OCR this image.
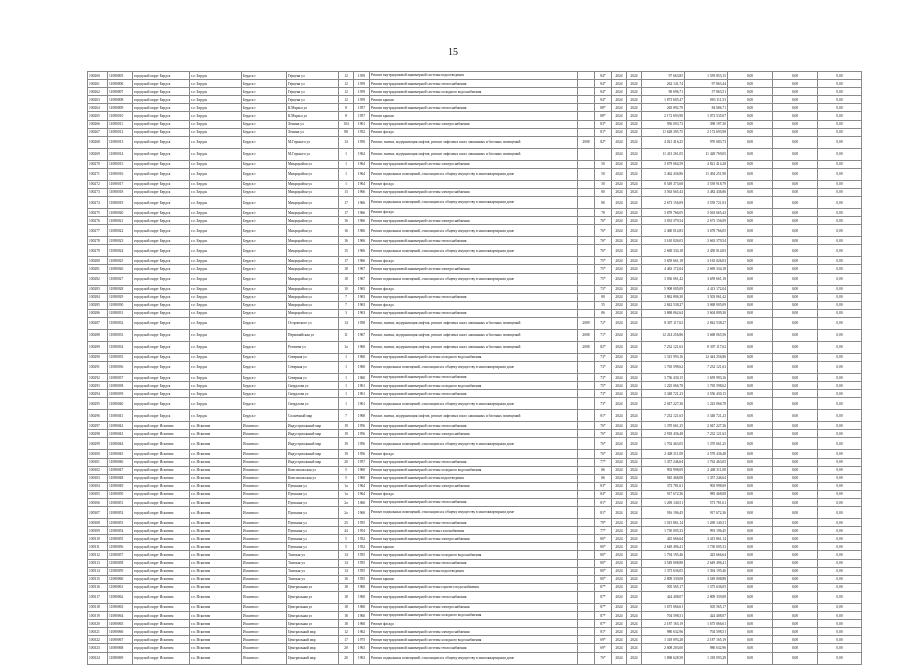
15
100260	11080005	городской округ Бердск	г.о. Бердск	Бердск г	Герцена ул	12	1959	Ремонт внутридомовой инженерной системы водоотведения		84*	2024	2024	97 663,85	1 559 853,15	0,00	0,00	0,00
100261	11080006	городской округ Бердск	г.о. Бердск	Бердск г	Герцена ул	12	1959	Ремонт внутридомовой инженерной системы теплоснабжения		84*	2024	2024	262 141,74	97 863,44	0,00	0,00	0,00
100262	11080007	городской округ Бердск	г.о. Бердск	Бердск г	Герцена ул	12	1959	Ремонт внутридомовой инженерной системы холодного водоснабжения		84*	2024	2024	90 696,71	57 863,51	0,00	0,00	0,00
100263	11080008	городской округ Бердск	г.о. Бердск	Бердск г	Герцена ул	12	1959	Ремонт крыши		84*	2024	2024	1 873 605,47	883 111,53	0,00	0,00	0,00
100264	11080009	городской округ Бердск	г.о. Бердск	Бердск г	К.Маркса ул	8	1957	Ремонт внутридомовой инженерной системы теплоснабжения		88*	2024	2024	265 892,79	84 686,71	0,00	0,00	0,00
100265	11080010	городской округ Бердск	г.о. Бердск	Бердск г	К.Маркса ул	8	1957	Ремонт крыши		88*	2024	2024	2 172 693,98	1 072 535,07	0,00	0,00	0,00
100266	11080011	городской округ Бердск	г.о. Бердск	Бердск г	Ленина ул	104	1961	Ремонт внутридомовой инженерной системы электроснабжения		83*	2024	2024	956 003,73	398 197,30	0,00	0,00	0,00
100267	11080012	городской округ Бердск	г.о. Бердск	Бердск г	Ленина ул	88	1952	Ремонт фасада		81*	2024	2024	11 628 305,75	2 172 693,98	0,00	0,00	0,00
100268	11080013	городской округ Бердск	г.о. Бердск	Бердск г	М.Горького ул	14	1950	Ремонт, замена, модернизация лифтов, ремонт лифтовых шахт, машинных и блочных помещений	2008	82*	2024	2024	4 021 416,25	970 683,73	0,00	0,00	0,00
100269	11080014	городской округ Бердск	г.о. Бердск	Бердск г	М.Горького ул	1	1962	Ремонт, замена, модернизация лифтов, ремонт лифтовых шахт, машинных и блочных помещений			2024	2024	11 413 261,05	11 428 769,05	0,00	0,00	0,00
100270	11080015	городской округ Бердск	г.о. Бердск	Бердск г	Микрорайон ул	1	1964	Ремонт внутридомовой инженерной системы электроснабжения		50	2024	2024	3 679 064,59	4 821 414,28	0,00	0,00	0,00
100271	11080016	городской округ Бердск	г.о. Бердск	Бердск г	Микрорайон ул	1	1964	Ремонт подвальных помещений, относящихся к общему имуществу в многоквартирном доме		50	2024	2024	3 462 436,86	11 494 251,98	0,00	0,00	0,00
100272	11080017	городской округ Бердск	г.о. Бердск	Бердск г	Микрорайон ул	1	1964	Ремонт фасада		50	2024	2024	8 549 373,68	3 539 918,79	0,00	0,00	0,00
100273	11080018	городской округ Бердск	г.о. Бердск	Бердск г	Микрорайон ул	13	1966	Ремонт внутридомовой инженерной системы электроснабжения		80	2024	2024	3 563 665,43	3 482 436,86	0,00	0,00	0,00
100274	11080019	городской округ Бердск	г.о. Бердск	Бердск г	Микрорайон ул	17	1966	Ремонт подвальных помещений, относящихся к общему имуществу в многоквартирном доме		80	2024	2024	2 673 156,09	3 539 721,03	0,00	0,00	0,00
100275	11080020	городской округ Бердск	г.о. Бердск	Бердск г	Микрорайон ул	17	1966	Ремонт фасада		78	2024	2024	3 878 766,05	3 563 665,43	0,00	0,00	0,00
100276	11080021	городской округ Бердск	г.о. Бердск	Бердск г	Микрорайон ул	16	1966	Ремонт внутридомовой инженерной системы электроснабжения		76*	2024	2024	3 033 379,54	2 673 156,09	0,00	0,00	0,00
100277	11080022	городской округ Бердск	г.о. Бердск	Бердск г	Микрорайон ул	16	1966	Ремонт подвальных помещений, относящихся к общему имуществу в многоквартирном доме		76*	2024	2024	2 460 014,83	3 678 766,05	0,00	0,00	0,00
100278	11080023	городской округ Бердск	г.о. Бердск	Бердск г	Микрорайон ул	16	1966	Ремонт внутридомовой инженерной системы теплоснабжения		76*	2024	2024	3 165 026,03	3 663 379,54	0,00	0,00	0,00
100279	11080024	городской округ Бердск	г.о. Бердск	Бердск г	Микрорайон ул	15	1966	Ремонт подвальных помещений, относящихся к общему имуществу в многоквартирном доме		76*	2024	2024	2 669 334,18	2 450 014,83	0,00	0,00	0,00
100280	11080025	городской округ Бердск	г.о. Бердск	Бердск г	Микрорайон ул	17	1966	Ремонт фасада		75*	2024	2024	3 659 661,18	3 165 026,03	0,00	0,00	0,00
100281	11080026	городской округ Бердск	г.о. Бердск	Бердск г	Микрорайон ул	18	1967	Ремонт внутридомовой инженерной системы электроснабжения		75*	2024	2024	4 463 172,04	2 669 334,18	0,00	0,00	0,00
100282	11080027	городской округ Бердск	г.о. Бердск	Бердск г	Микрорайон ул	18	1967	Ремонт подвальных помещений, относящихся к общему имуществу в многоквартирном доме		75*	2024	2024	3 036 061,42	3 659 661,18	0,00	0,00	0,00
100283	11080028	городской округ Бердск	г.о. Бердск	Бердск г	Микрорайон ул	10	1965	Ремонт фасада		73*	2024	2024	5 908 005,09	4 413 172,04	0,00	0,00	0,00
100284	11080029	городской округ Бердск	г.о. Бердск	Бердск г	Микрорайон ул	7	1963	Ремонт внутридомовой инженерной системы теплоснабжения		80	2024	2024	3 862 806,30	3 503 061,42	0,00	0,00	0,00
100285	11080030	городской округ Бердск	г.о. Бердск	Бердск г	Микрорайон ул	7	1963	Ремонт фасада		55	2024	2024	2 842 538,27	3 068 005,09	0,00	0,00	0,00
100286	11080031	городской округ Бердск	г.о. Бердск	Бердск г	Микрорайон ул	3	1963	Ремонт внутридомовой инженерной системы теплоснабжения		86	2024	2024	3 868 062,64	3 604 809,30	0,00	0,00	0,00
100287	11080032	городской округ Бердск	г.о. Бердск	Бердск г	Островского ул	14	1958	Ремонт, замена, модернизация лифтов, ремонт лифтовых шахт, машинных и блочных помещений	2009	72*	2024	2024	8 307 117,62	2 842 538,27	0,00	0,00	0,00
100288	11080033	городской округ Бердск	г.о. Бердск	Бердск г	Первомайская ул	11	1967	Ремонт, замена, модернизация лифтов, ремонт лифтовых шахт, машинных и блочных помещений	2008	71*	2024	2024	12 414 256,86	3 668 065,56	0,00	0,00	0,00
100289	11080034	городской округ Бердск	г.о. Бердск	Бердск г	Рогачева ул	1а	1960	Ремонт, замена, модернизация лифтов, ремонт лифтовых шахт, машинных и блочных помещений	2008	82*	2024	2024	7 232 121,63	8 307 117,62	0,00	0,00	0,00
100290	11080035	городской округ Бердск	г.о. Бердск	Бердск г	Северная ул	1	1960	Ремонт внутридомовой инженерной системы холодного водоснабжения		73*	2024	2024	1 315 993,16	12 444 256,86	0,00	0,00	0,00
100291	11080036	городской округ Бердск	г.о. Бердск	Бердск г	Северная ул	1	1960	Ремонт подвальных помещений, относящихся к общему имуществу в многоквартирном доме		73*	2024	2024	1 765 598,62	7 232 121,63	0,00	0,00	0,00
100292	11080037	городской округ Бердск	г.о. Бердск	Бердск г	Северная ул	1	1960	Ремонт внутридомовой инженерной системы теплоснабжения		73*	2024	2024	3 756 430,15	1 659 993,16	0,00	0,00	0,00
100293	11080038	городской округ Бердск	г.о. Бердск	Бердск г	Свердлова ул	1	1961	Ремонт внутридомовой инженерной системы холодного водоснабжения		75*	2024	2024	1 225 066,78	1 765 598,62	0,00	0,00	0,00
100294	11080039	городской округ Бердск	г.о. Бердск	Бердск г	Свердлова ул	1	1961	Ремонт внутридомовой инженерной системы теплоснабжения		73*	2024	2024	3 348 721,23	3 556 430,15	0,00	0,00	0,00
100295	11080040	городской округ Бердск	г.о. Бердск	Бердск г	Свердлова ул	1	1961	Ремонт подвальных помещений, относящихся к общему имуществу в многоквартирном доме		73*	2024	2024	2 047 227,36	1 225 066,78	0,00	0,00	0,00
100296	11080041	городской округ Бердск	г.о. Бердск	Бердск г	Солнечный мкр	7	1968	Ремонт, замена, модернизация лифтов, ремонт лифтовых шахт, машинных и блочных помещений		81*	2024	2024	7 232 121,63	3 348 721,23	0,00	0,00	0,00
100297	11080042	городской округ Искитим	г.о. Искитим	Искитим г	Индустриальный мкр	19	1956	Ремонт внутридомовой инженерной системы теплоснабжения		76*	2024	2024	1 370 661,25	2 047 227,36	0,00	0,00	0,00
100298	11080043	городской округ Искитим	г.о. Искитим	Искитим г	Индустриальный мкр	19	1956	Ремонт внутридомовой инженерной системы электроснабжения		76*	2024	2024	2 918 436,48	7 232 121,63	0,00	0,00	0,00
100299	11080044	городской округ Искитим	г.о. Искитим	Искитим г	Индустриальный мкр	19	1956	Ремонт подвальных помещений, относящихся к общему имуществу в многоквартирном доме		76*	2024	2024	1 702 463,05	1 370 661,25	0,00	0,00	0,00
100300	11080045	городской округ Искитим	г.о. Искитим	Искитим г	Индустриальный мкр	19	1956	Ремонт фасада		76*	2024	2024	2 448 311,08	2 578 436,48	0,00	0,00	0,00
100301	11080046	городской округ Искитим	г.о. Искитим	Искитим г	Индустриальный мкр	20	1957	Ремонт внутридомовой инженерной системы теплоснабжения		77*	2024	2024	1 357 246,64	1 762 463,05	0,00	0,00	0,00
100302	11080047	городской округ Искитим	г.о. Искитим	Искитим г	Комсомольская ул	5	1960	Ремонт внутридомовой инженерной системы холодного водоснабжения		86	2024	2024	903 998,69	2 448 311,08	0,00	0,00	0,00
100303	11080048	городской округ Искитим	г.о. Искитим	Искитим г	Комсомольская ул	5	1960	Ремонт внутридомовой инженерной системы водоотведения		86	2024	2024	945 468,08	1 357 246,64	0,00	0,00	0,00
100304	11080049	городской округ Искитим	г.о. Искитим	Искитим г	Пушкина ул	1а	1964	Ремонт внутридомовой инженерной системы электроснабжения		83*	2024	2024	373 781,61	903 998,69	0,00	0,00	0,00
100305	11080050	городской округ Искитим	г.о. Искитим	Искитим г	Пушкина ул	1а	1964	Ремонт фасада		84*	2024	2024	917 672,36	985 468,08	0,00	0,00	0,00
100306	11080051	городской округ Искитим	г.о. Искитим	Искитим г	Пушкина ул	2а	1960	Ремонт внутридомовой инженерной системы теплоснабжения		81*	2024	2024	1 269 140,51	573 781,61	0,00	0,00	0,00
100307	11080052	городской округ Искитим	г.о. Искитим	Искитим г	Пушкина ул	2а	1960	Ремонт подвальных помещений, относящихся к общему имуществу в многоквартирном доме		81*	2024	2024	916 196,45	917 672,36	0,00	0,00	0,00
100308	11080053	городской округ Искитим	г.о. Искитим	Искитим г	Пушкина ул	25	1955	Ремонт внутридомовой инженерной системы теплоснабжения		79*	2024	2024	1 015 861,14	1 269 140,51	0,00	0,00	0,00
100309	11080054	городской округ Искитим	г.о. Искитим	Искитим г	Пушкина ул	44	1954	Ремонт внутридомовой инженерной системы газоснабжения		77*	2024	2024	1 730 005,33	993 196,45	0,00	0,00	0,00
100310	11080055	городской округ Искитим	г.о. Искитим	Искитим г	Пушкина ул	5	1952	Ремонт внутридомовой инженерной системы электроснабжения		80*	2024	2024	425 666,64	3 415 861,14	0,00	0,00	0,00
100311	11080056	городской округ Искитим	г.о. Искитим	Искитим г	Пушкина ул	5	1952	Ремонт крыши		80*	2024	2024	2 649 496,41	1 730 005,33	0,00	0,00	0,00
100312	11080057	городской округ Искитим	г.о. Искитим	Искитим г	Томская ул	14	1955	Ремонт внутридомовой инженерной системы холодного водоснабжения		80*	2024	2024	1 794 195,46	425 666,64	0,00	0,00	0,00
100313	11080058	городской округ Искитим	г.о. Искитим	Искитим г	Томская ул	14	1955	Ремонт внутридомовой инженерной системы теплоснабжения		80*	2024	2024	3 549 008,88	2 649 496,41	0,00	0,00	0,00
100314	11080059	городской округ Искитим	г.о. Искитим	Искитим г	Томская ул	14	1955	Ремонт внутридомовой инженерной системы водоотведения		80*	2024	2024	1 375 636,05	1 394 195,46	0,00	0,00	0,00
100315	11080060	городской округ Искитим	г.о. Искитим	Искитим г	Томская ул	16	1955	Ремонт крыши		80*	2024	2024	2 809 339,08	3 549 008,88	0,00	0,00	0,00
100316	11080061	городской округ Искитим	г.о. Искитим	Искитим г	Центральная ул	18	1960	Ремонт внутридомовой инженерной системы горячего водоснабжения		87*	2024	2024	505 565,17	1 375 636,05	0,00	0,00	0,00
100317	11080062	городской округ Искитим	г.о. Искитим	Искитим г	Центральная ул	18	1960	Ремонт внутридомовой инженерной системы теплоснабжения		87*	2024	2024	424 408,07	2 809 339,08	0,00	0,00	0,00
100318	11080063	городской округ Искитим	г.о. Искитим	Искитим г	Центральная ул	18	1960	Ремонт внутридомовой инженерной системы электроснабжения		87*	2024	2024	1 675 066,61	505 565,17	0,00	0,00	0,00
100319	11080064	городской округ Искитим	г.о. Искитим	Искитим г	Центральная ул	18	1960	Ремонт внутридомовой инженерной системы холодного водоснабжения		87*	2024	2024	704 598,51	424 408,07	0,00	0,00	0,00
100320	11080065	городской округ Искитим	г.о. Искитим	Искитим г	Центральная ул	18	1960	Ремонт фасада		87*	2024	2024	2 187 165,19	1 675 066,61	0,00	0,00	0,00
100321	11080066	городской округ Искитим	г.о. Искитим	Искитим г	Центральный мкр	12	1962	Ремонт внутридомовой инженерной системы электроснабжения		81*	2024	2024	980 632,96	704 598,51	0,00	0,00	0,00
100322	11080067	городской округ Искитим	г.о. Искитим	Искитим г	Центральный мкр	17	1975	Ремонт внутридомовой инженерной системы холодного водоснабжения		69*	2024	2024	1 318 093,28	2 187 165,19	0,00	0,00	0,00
100323	11080068	городской округ Искитим	г.о. Искитим	Искитим г	Центральный мкр	20	1963	Ремонт внутридомовой инженерной системы теплоснабжения		69*	2024	2024	2 608 203,00	980 632,96	0,00	0,00	0,00
100324	11080069	городской округ Искитим	г.о. Искитим	Искитим г	Центральный мкр	20	1963	Ремонт подвальных помещений, относящихся к общему имуществу в многоквартирном доме		76*	2024	2024	1 868 628,58	1 318 093,28	0,00	0,00	0,00
